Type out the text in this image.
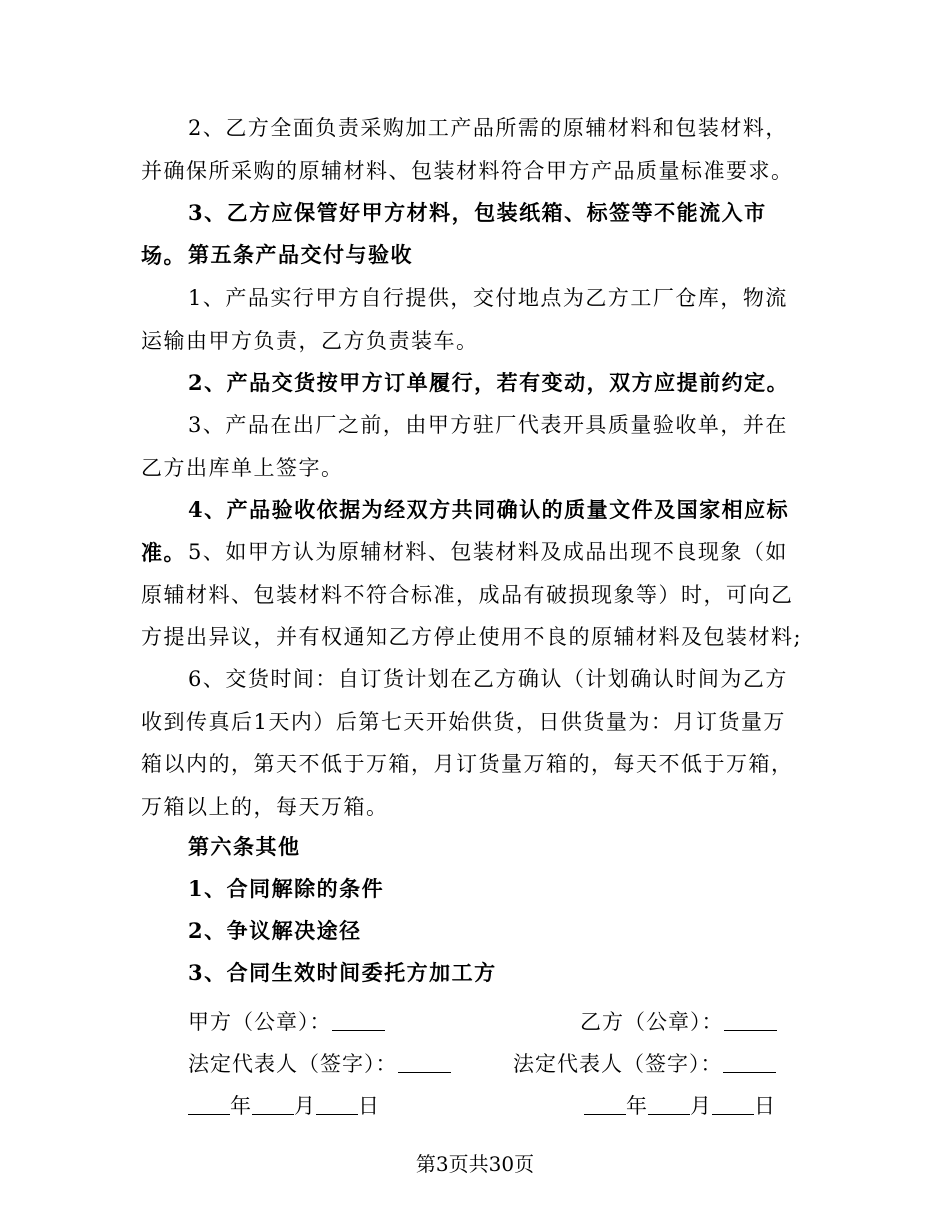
2、乙方全面负责采购加工产品所需的原辅材料和包装材料，并确保所采购的原辅材料、包装材料符合甲方产品质量标准要求。

3、乙方应保管好甲方材料，包装纸箱、标签等不能流入市场。 第五条产品交付与验收

1、产品实行甲方自行提供，交付地点为乙方工厂仓库，物流运输由甲方负责，乙方负责装车。

2、产品交货按甲方订单履行，若有变动，双方应提前约定。

3、产品在出厂之前，由甲方驻厂代表开具质量验收单，并在乙方出库单上签字。

4、产品验收依据为经双方共同确认的质量文件及国家相应标准。 5、如甲方认为原辅材料、包装材料及成品出现不良现象（如原辅材料、包装材料不符合标准，成品有破损现象等）时，可向乙方提出异议，并有权通知乙方停止使用不良的原辅材料及包装材料;

6、交货时间：自订货计划在乙方确认（计划确认时间为乙方收到传真后1天内）后第七天开始供货，日供货量为：月订货量万箱以内的，第天不低于万箱，月订货量万箱的，每天不低于万箱，万箱以上的，每天万箱。

第六条其他

1、合同解除的条件

2、争议解决途径

3、合同生效时间委托方加工方

甲方（公章）：	乙方（公章）：
法定代表人（签字）：	法定代表人（签字）：
年 月 日	年 月 日
第3页共30页
